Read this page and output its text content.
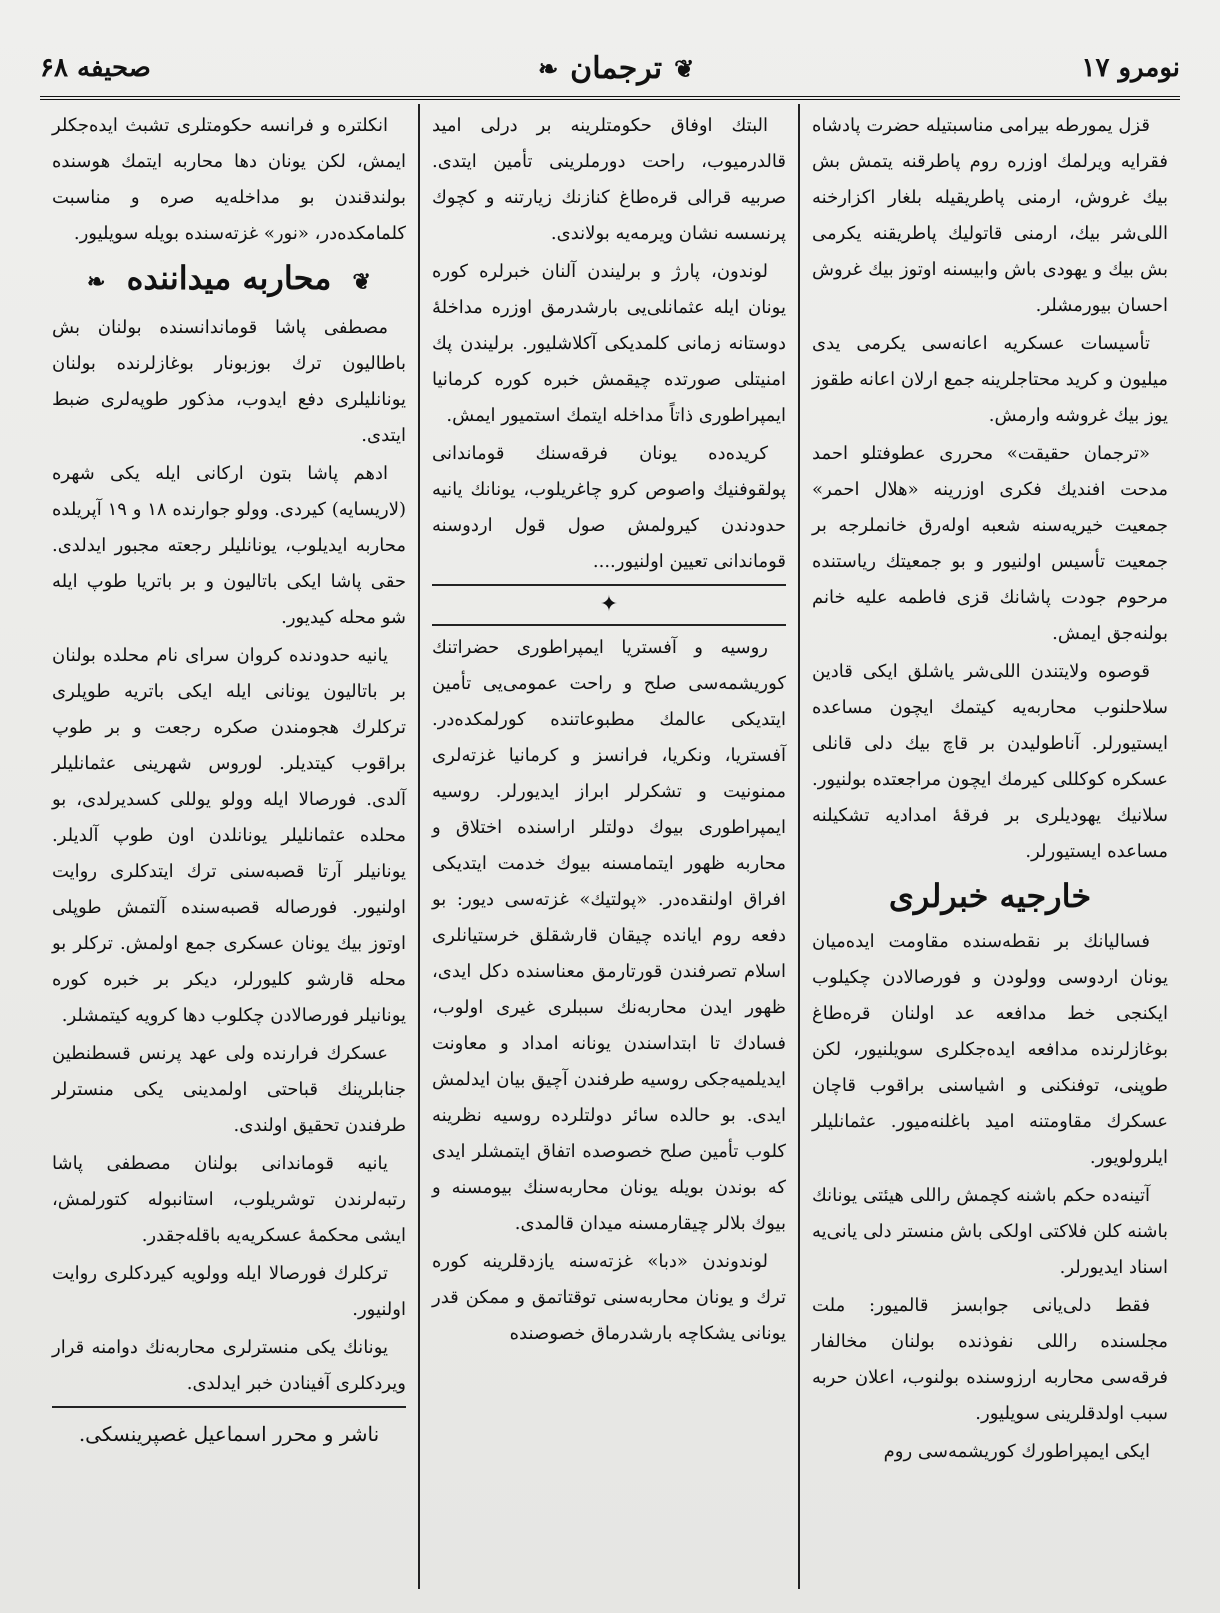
نومرو ۱۷
❦
ترجمان
❧
صحيفه ۶۸

قزل يمورطه بيرامى مناسبتيله حضرت پادشاه فقرايه ويرلمك اوزره روم پاطرقنه يتمش بش بيك غروش، ارمنى پاطريقيله بلغار اكزارخنه اللى‌شر بيك، ارمنى قاتوليك پاطريقنه يكرمى بش بيك و يهودى باش وابيسنه اوتوز بيك غروش احسان بيورمشلر.

تأسيسات عسكريه اعانه‌سى يكرمى يدى ميليون و كريد محتاجلرينه جمع ارلان اعانه طقوز يوز بيك غروشه وارمش.

«ترجمان حقيقت» محررى عطوفتلو احمد مدحت افنديك فكرى اوزرينه «هلال احمر» جمعيت خيريه‌سنه شعبه اوله‌رق خانملرجه بر جمعيت تأسيس اولنيور و بو جمعيتك رياستنده مرحوم جودت پاشانك قزى فاطمه عليه خانم بولنه‌جق ايمش.

قوصوه ولايتندن اللى‌شر ياشلق ايكى قادين سلاحلنوب محاربه‌يه كيتمك ايچون مساعده ايستيورلر. آناطوليدن بر قاچ بيك دلى قانلى عسكره كوكللى كيرمك ايچون مراجعتده بولنيور. سلانيك يهوديلرى بر فرقهٔ امداديه تشكيلنه مساعده ايستيورلر.

خارجيه خبرلرى

فساليانك بر نقطه‌سنده مقاومت ايده‌ميان يونان اردوسى وولودن و فورصالادن چكيلوب ايكنجى خط مدافعه عد اولنان قره‌طاغ بوغازلرنده مدافعه ايده‌جكلرى سويلنيور، لكن طوپنى، توفنكنى و اشياسنى براقوب قاچان عسكرك مقاومتنه اميد باغلنه‌ميور. عثمانليلر ايلرولويور.

آتينه‌ده حكم باشنه كچمش راللى هيئتى يونانك باشنه كلن فلاكتى اولكى باش منستر دلى يانى‌يه اسناد ايديورلر.

فقط دلى‌يانى جوابسز قالميور: ملت مجلسنده راللى نفوذنده بولنان مخالفار فرقه‌سى محاربه ارزوسنده بولنوب، اعلان حربه سبب اولدقلرينى سويليور.

ايكى ايمپراطورك كوريشمه‌سى روم

البتك اوفاق حكومتلرينه بر درلى اميد قالدرميوب، راحت دورملرينى تأمين ايتدى. صربيه قرالى قره‌طاغ كنازنك زيارتنه و كچوك پرنسسه نشان ويرمه‌يه بولاندى.

لوندون، پارژ و برليندن آلنان خبرلره كوره يونان ايله عثمانلى‌يى بارشدرمق اوزره مداخلهٔ دوستانه زمانى كلمديكى آكلاشليور. برليندن پك امنيتلى صورتده چيقمش خبره كوره كرمانيا ايمپراطورى ذاتاً مداخله ايتمك استميور ايمش.

كريده‌ده يونان فرقه‌سنك قوماندانى پولقوفنيك واصوص كرو چاغريلوب، يونانك يانيه حدودندن كيرولمش صول قول اردوسنه قوماندانى تعيين اولنيور....

✦

روسيه و آفستريا ايمپراطورى حضراتنك كوريشمه‌سى صلح و راحت عمومى‌يى تأمين ايتديكى عالمك مطبوعاتنده كورلمكده‌در. آفستريا، ونكريا، فرانسز و كرمانيا غزته‌لرى ممنونيت و تشكرلر ابراز ايديورلر. روسيه ايمپراطورى بيوك دولتلر اراسنده اختلاق و محاربه ظهور ايتمامسنه بيوك خدمت ايتديكى افراق اولنقده‌در. «پولتيك» غزته‌سى ديور: بو دفعه روم ايانده چيقان قارشقلق خرستيانلرى اسلام تصرفندن قورتارمق معناسنده دكل ايدى، ظهور ايدن محاربه‌نك سببلرى غيرى اولوب، فسادك تا ابتداسندن يونانه امداد و معاونت ايديلميه‌جكى روسيه طرفندن آچيق بيان ايدلمش ايدى. بو حالده سائر دولتلرده روسيه نظرينه كلوب تأمين صلح خصوصده اتفاق ايتمشلر ايدى كه بوندن بويله يونان محاربه‌سنك بيومسنه و بيوك بلالر چيقارمسنه ميدان قالمدى.

لوندوندن «دبا» غزته‌سنه يازدقلرينه كوره ترك و يونان محاربه‌سنى توقتاتمق و ممكن قدر يونانى يشكاچه بارشدرماق خصوصنده

انكلتره و فرانسه حكومتلرى تشبث ايده‌جكلر ايمش، لكن يونان دها محاربه ايتمك هوسنده بولندقندن بو مداخله‌يه صره و مناسبت كلمامكده‌در، «نور» غزته‌سنده بويله سويليور.

❦ محاربه ميداننده ❧

مصطفى پاشا قوماندانسنده بولنان بش باطاليون ترك بوزبونار بوغازلرنده بولنان يونانليلرى دفع ايدوب، مذكور طوپه‌لرى ضبط ايتدى.

ادهم پاشا بتون اركانى ايله يكى شهره (لاريسايه) كيردى. وولو جوارنده ۱۸ و ۱۹ آپريلده محاربه ايديلوب، يونانليلر رجعته مجبور ايدلدى. حقى پاشا ايكى باتاليون و بر باتريا طوپ ايله شو محله كيديور.

يانيه حدودنده كروان سراى نام محلده بولنان بر باتاليون يونانى ايله ايكى باتريه طوپلرى تركلرك هجومندن صكره رجعت و بر طوپ براقوب كيتديلر. لوروس شهرينى عثمانليلر آلدى. فورصالا ايله وولو يوللى كسديرلدى، بو محلده عثمانليلر يونانلدن اون طوپ آلديلر. يونانيلر آرتا قصبه‌سنى ترك ايتدكلرى روايت اولنيور. فورصاله قصبه‌سنده آلتمش طوپلى اوتوز بيك يونان عسكرى جمع اولمش. تركلر بو محله قارشو كليورلر، ديكر بر خبره كوره يونانيلر فورصالادن چكلوب دها كرويه كيتمشلر.

عسكرك فرارنده ولى عهد پرنس قسطنطين جنابلرينك قباحتى اولمدينى يكى منسترلر طرفندن تحقيق اولندى.

يانيه قوماندانى بولنان مصطفى پاشا رتبه‌لرندن توشريلوب، استانبوله كتورلمش، ايشى محكمهٔ عسكريه‌يه باقله‌جقدر.

تركلرك فورصالا ايله وولويه كيردكلرى روايت اولنيور.

يونانك يكى منسترلرى محاربه‌نك دوامنه قرار ويردكلرى آفينادن خبر ايدلدى.

ناشر و محرر اسماعيل غصپرينسكى.
